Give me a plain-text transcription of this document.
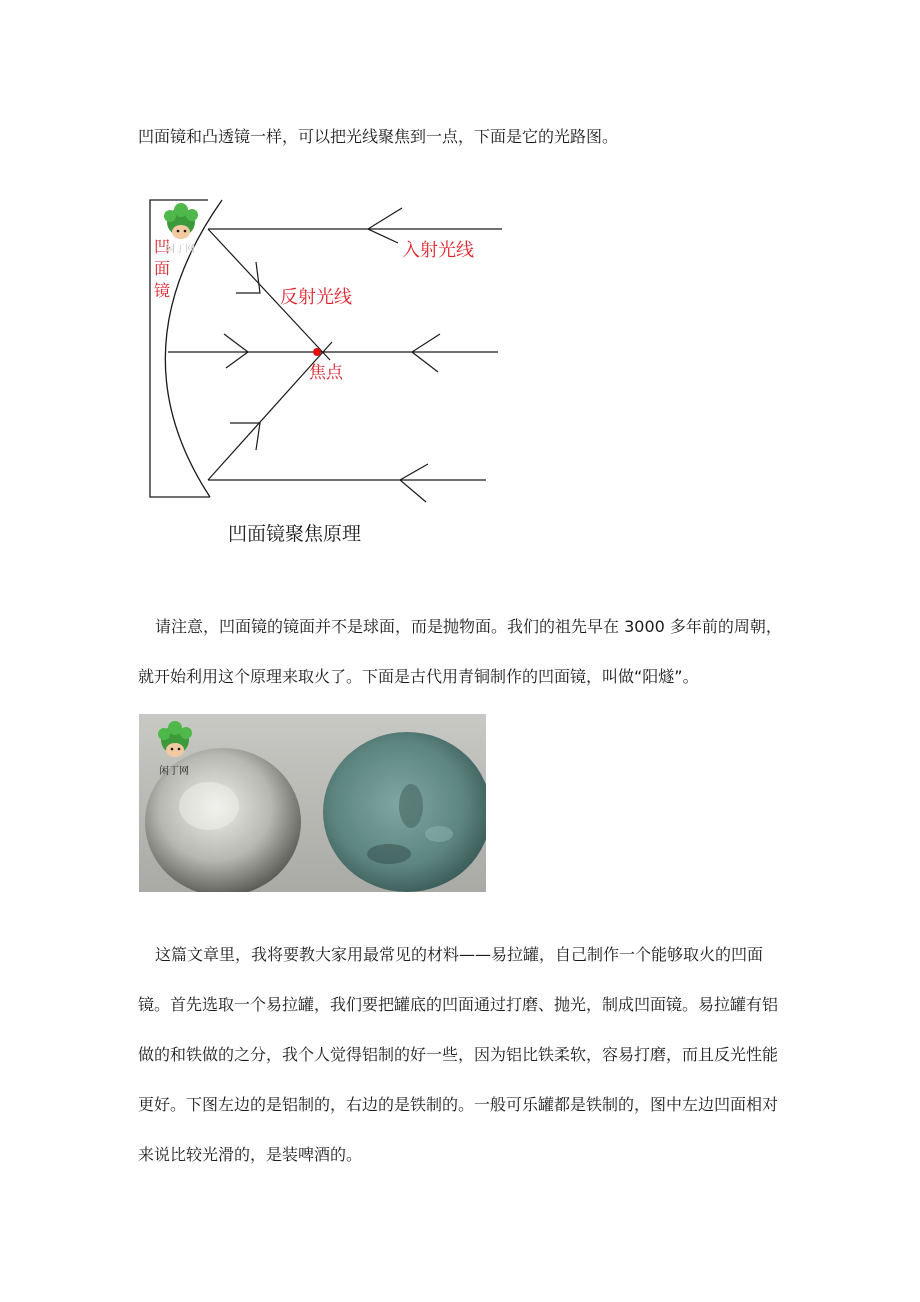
凹面镜和凸透镜一样，可以把光线聚焦到一点，下面是它的光路图。

凹
面
镜
入射光线
反射光线
焦点
凹面镜聚焦原理
闲丁网

请注意，凹面镜的镜面并不是球面，而是抛物面。我们的祖先早在 3000 多年前的周朝，就开始利用这个原理来取火了。下面是古代用青铜制作的凹面镜，叫做“阳燧”。

闲丁网

这篇文章里，我将要教大家用最常见的材料——易拉罐，自己制作一个能够取火的凹面镜。首先选取一个易拉罐，我们要把罐底的凹面通过打磨、抛光，制成凹面镜。易拉罐有铝做的和铁做的之分，我个人觉得铝制的好一些，因为铝比铁柔软，容易打磨，而且反光性能更好。下图左边的是铝制的，右边的是铁制的。一般可乐罐都是铁制的，图中左边凹面相对来说比较光滑的，是装啤酒的。
